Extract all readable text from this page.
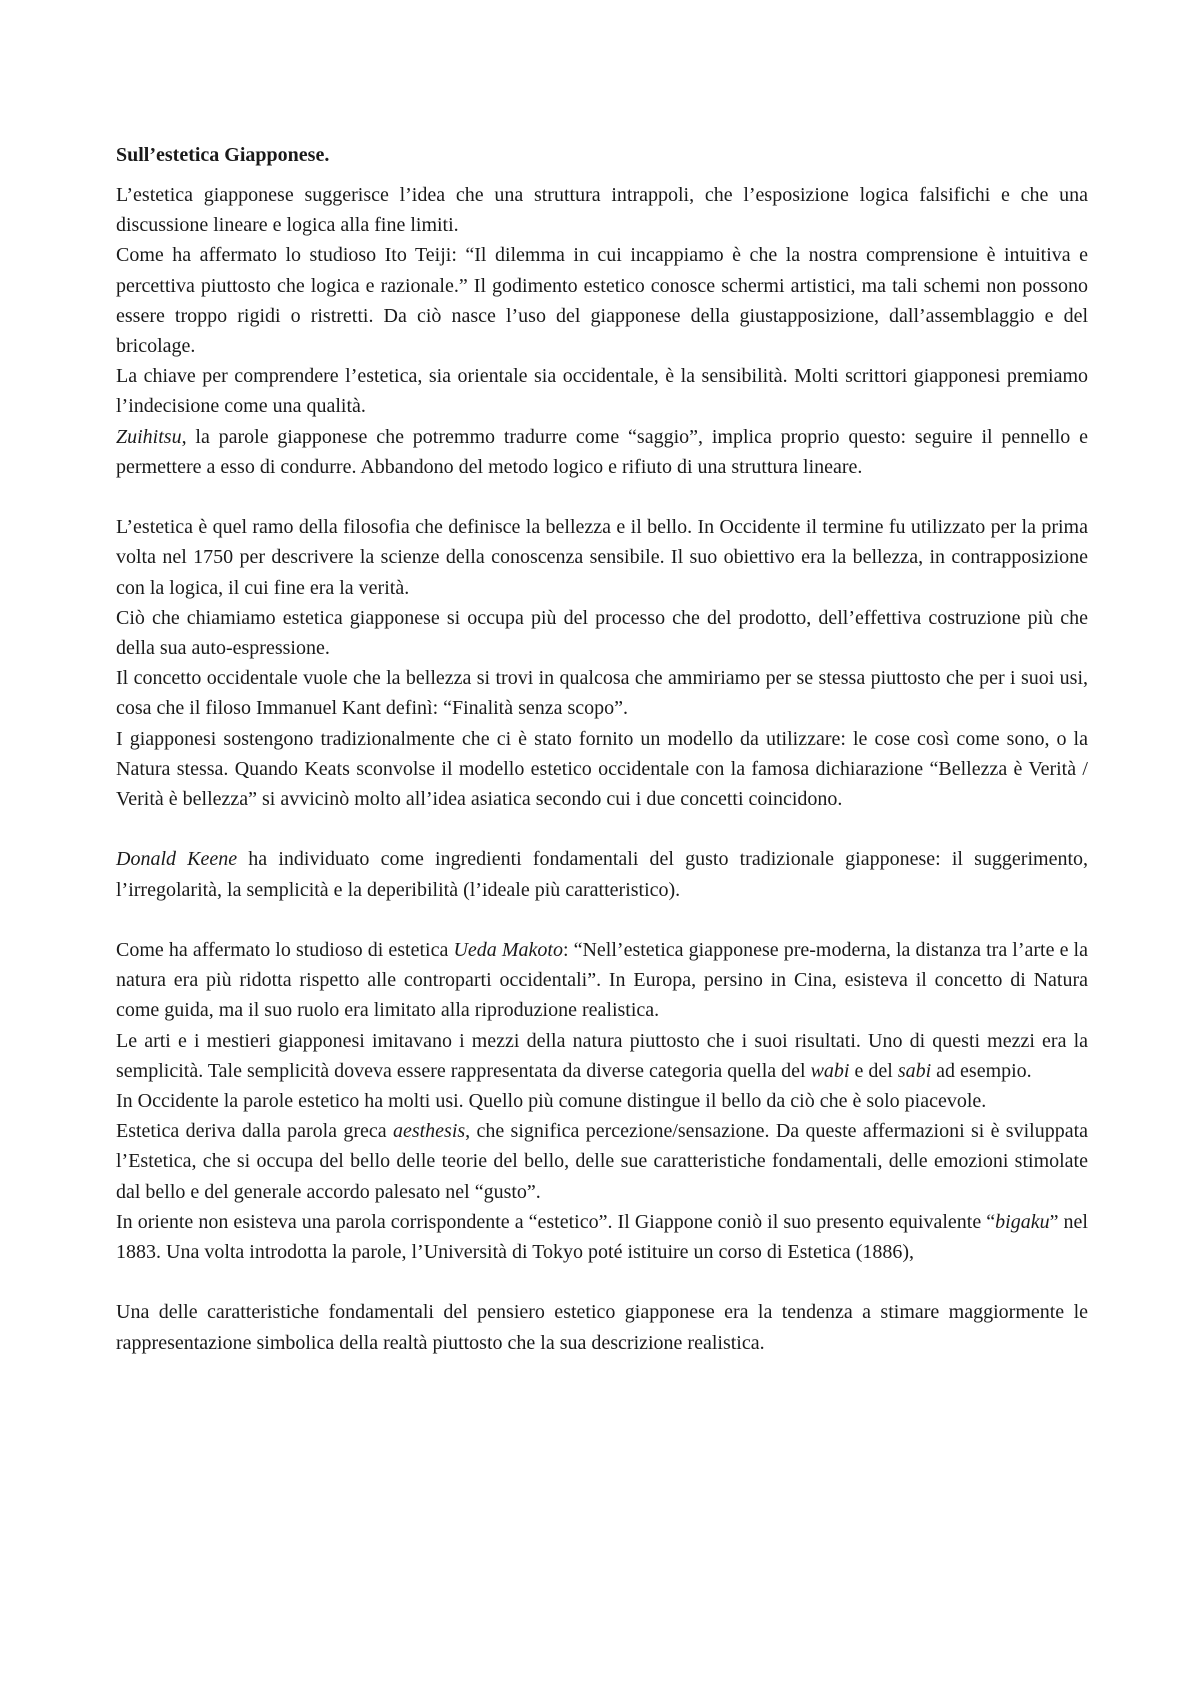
Sull’estetica Giapponese.

L’estetica giapponese suggerisce l’idea che una struttura intrappoli, che l’esposizione logica falsifichi e che una discussione lineare e logica alla fine limiti.

Come ha affermato lo studioso Ito Teiji: “Il dilemma in cui incappiamo è che la nostra comprensione è intuitiva e percettiva piuttosto che logica e razionale.” Il godimento estetico conosce schermi artistici, ma tali schemi non possono essere troppo rigidi o ristretti. Da ciò nasce l’uso del giapponese della giustapposizione, dall’assemblaggio e del bricolage.

La chiave per comprendere l’estetica, sia orientale sia occidentale, è la sensibilità. Molti scrittori giapponesi premiamo l’indecisione come una qualità.

Zuihitsu, la parole giapponese che potremmo tradurre come “saggio”, implica proprio questo: seguire il pennello e permettere a esso di condurre. Abbandono del metodo logico e rifiuto di una struttura lineare.

L’estetica è quel ramo della filosofia che definisce la bellezza e il bello. In Occidente il termine fu utilizzato per la prima volta nel 1750 per descrivere la scienze della conoscenza sensibile. Il suo obiettivo era la bellezza, in contrapposizione con la logica, il cui fine era la verità.

Ciò che chiamiamo estetica giapponese si occupa più del processo che del prodotto, dell’effettiva costruzione più che della sua auto-espressione.

Il concetto occidentale vuole che la bellezza si trovi in qualcosa che ammiriamo per se stessa piuttosto che per i suoi usi, cosa che il filoso Immanuel Kant definì: “Finalità senza scopo”.

I giapponesi sostengono tradizionalmente che ci è stato fornito un modello da utilizzare: le cose così come sono, o la Natura stessa. Quando Keats sconvolse il modello estetico occidentale con la famosa dichiarazione “Bellezza è Verità / Verità è bellezza” si avvicinò molto all’idea asiatica secondo cui i due concetti coincidono.

Donald Keene ha individuato come ingredienti fondamentali del gusto tradizionale giapponese: il suggerimento, l’irregolarità, la semplicità e la deperibilità (l’ideale più caratteristico).

Come ha affermato lo studioso di estetica Ueda Makoto: “Nell’estetica giapponese pre-moderna, la distanza tra l’arte e la natura era più ridotta rispetto alle controparti occidentali”. In Europa, persino in Cina, esisteva il concetto di Natura come guida, ma il suo ruolo era limitato alla riproduzione realistica.

Le arti e i mestieri giapponesi imitavano i mezzi della natura piuttosto che i suoi risultati. Uno di questi mezzi era la semplicità. Tale semplicità doveva essere rappresentata da diverse categoria quella del wabi e del sabi ad esempio.

In Occidente la parole estetico ha molti usi. Quello più comune distingue il bello da ciò che è solo piacevole.

Estetica deriva dalla parola greca aesthesis, che significa percezione/sensazione. Da queste affermazioni si è sviluppata l’Estetica, che si occupa del bello delle teorie del bello, delle sue caratteristiche fondamentali, delle emozioni stimolate dal bello e del generale accordo palesato nel “gusto”.

In oriente non esisteva una parola corrispondente a “estetico”. Il Giappone coniò il suo presento equivalente “bigaku” nel 1883. Una volta introdotta la parole, l’Università di Tokyo poté istituire un corso di Estetica (1886),

Una delle caratteristiche fondamentali del pensiero estetico giapponese era la tendenza a stimare maggiormente le rappresentazione simbolica della realtà piuttosto che la sua descrizione realistica.
